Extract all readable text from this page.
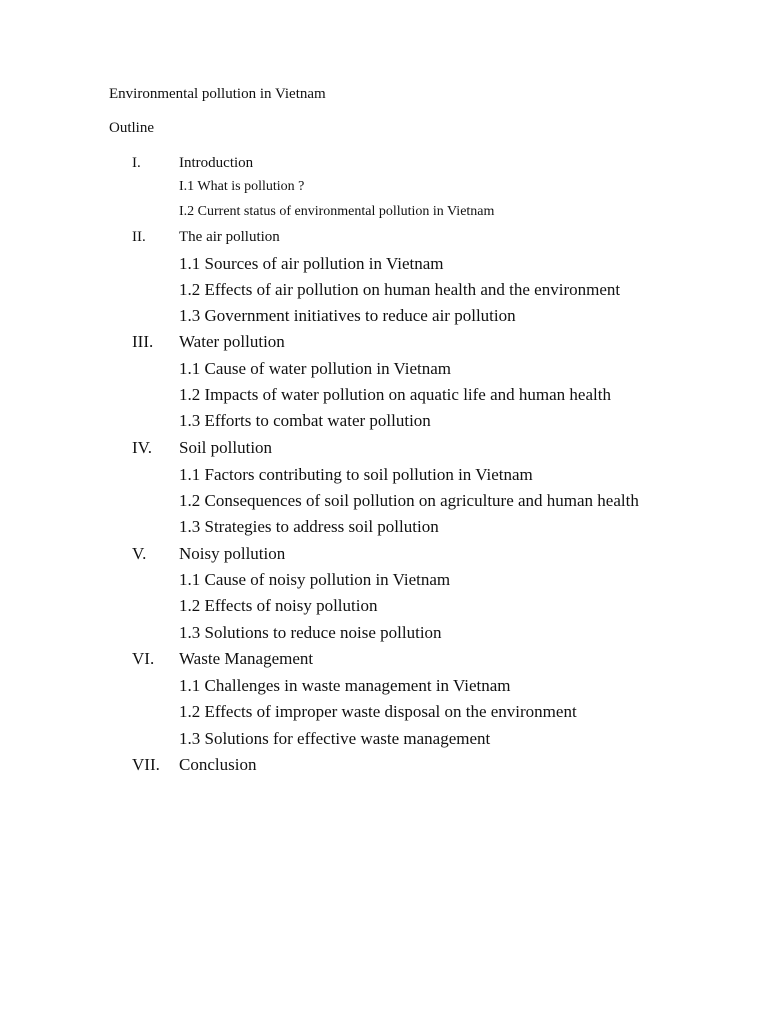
Environmental pollution in Vietnam
Outline
I.	Introduction
I.1 What is pollution ?
I.2 Current status of environmental pollution in Vietnam
II. The air pollution
1.1 Sources of air pollution in Vietnam
1.2 Effects of air pollution on human health and the environment
1.3 Government initiatives to reduce air pollution
III. Water pollution
1.1 Cause of water pollution in Vietnam
1.2 Impacts of water pollution on aquatic life and human health
1.3 Efforts to combat water pollution
IV. Soil pollution
1.1 Factors contributing to soil pollution in Vietnam
1.2 Consequences of soil pollution on agriculture and human health
1.3 Strategies to address soil pollution
V. Noisy pollution
1.1 Cause of noisy pollution in Vietnam
1.2 Effects of noisy pollution
1.3 Solutions to reduce noise pollution
VI. Waste Management
1.1 Challenges in waste management in Vietnam
1.2 Effects of improper waste disposal on the environment
1.3 Solutions for effective waste management
VII. Conclusion
